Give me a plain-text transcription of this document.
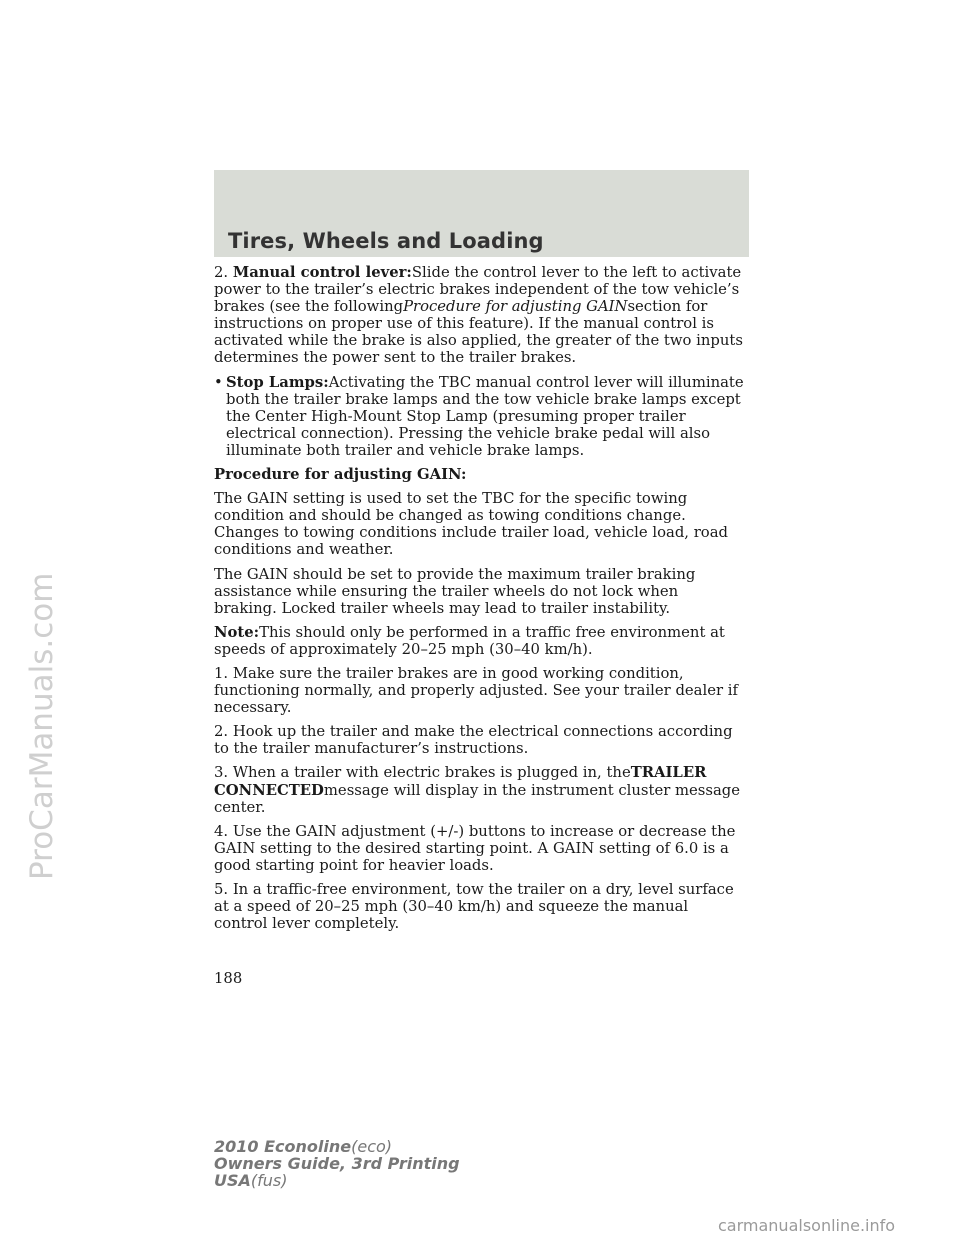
ProCarManuals.com
Tires, Wheels and Loading

2. Manual control lever:Slide the control lever to the left to activate power to the trailer’s electric brakes independent of the tow vehicle’s brakes (see the followingProcedure for adjusting GAINsection for instructions on proper use of this feature). If the manual control is activated while the brake is also applied, the greater of the two inputs determines the power sent to the trailer brakes.

• Stop Lamps:Activating the TBC manual control lever will illuminate both the trailer brake lamps and the tow vehicle brake lamps except the Center High-Mount Stop Lamp (presuming proper trailer electrical connection). Pressing the vehicle brake pedal will also illuminate both trailer and vehicle brake lamps.

Procedure for adjusting GAIN:

The GAIN setting is used to set the TBC for the specific towing condition and should be changed as towing conditions change. Changes to towing conditions include trailer load, vehicle load, road conditions and weather.

The GAIN should be set to provide the maximum trailer braking assistance while ensuring the trailer wheels do not lock when braking. Locked trailer wheels may lead to trailer instability.

Note:This should only be performed in a traffic free environment at speeds of approximately 20–25 mph (30–40 km/h).

1. Make sure the trailer brakes are in good working condition, functioning normally, and properly adjusted. See your trailer dealer if necessary.

2. Hook up the trailer and make the electrical connections according to the trailer manufacturer’s instructions.

3. When a trailer with electric brakes is plugged in, theTRAILER CONNECTEDmessage will display in the instrument cluster message center.

4. Use the GAIN adjustment (+/-) buttons to increase or decrease the GAIN setting to the desired starting point. A GAIN setting of 6.0 is a good starting point for heavier loads.

5. In a traffic-free environment, tow the trailer on a dry, level surface at a speed of 20–25 mph (30–40 km/h) and squeeze the manual control lever completely.

188
2010 Econoline(eco)
Owners Guide, 3rd Printing
USA(fus)
carmanualsonline.info
